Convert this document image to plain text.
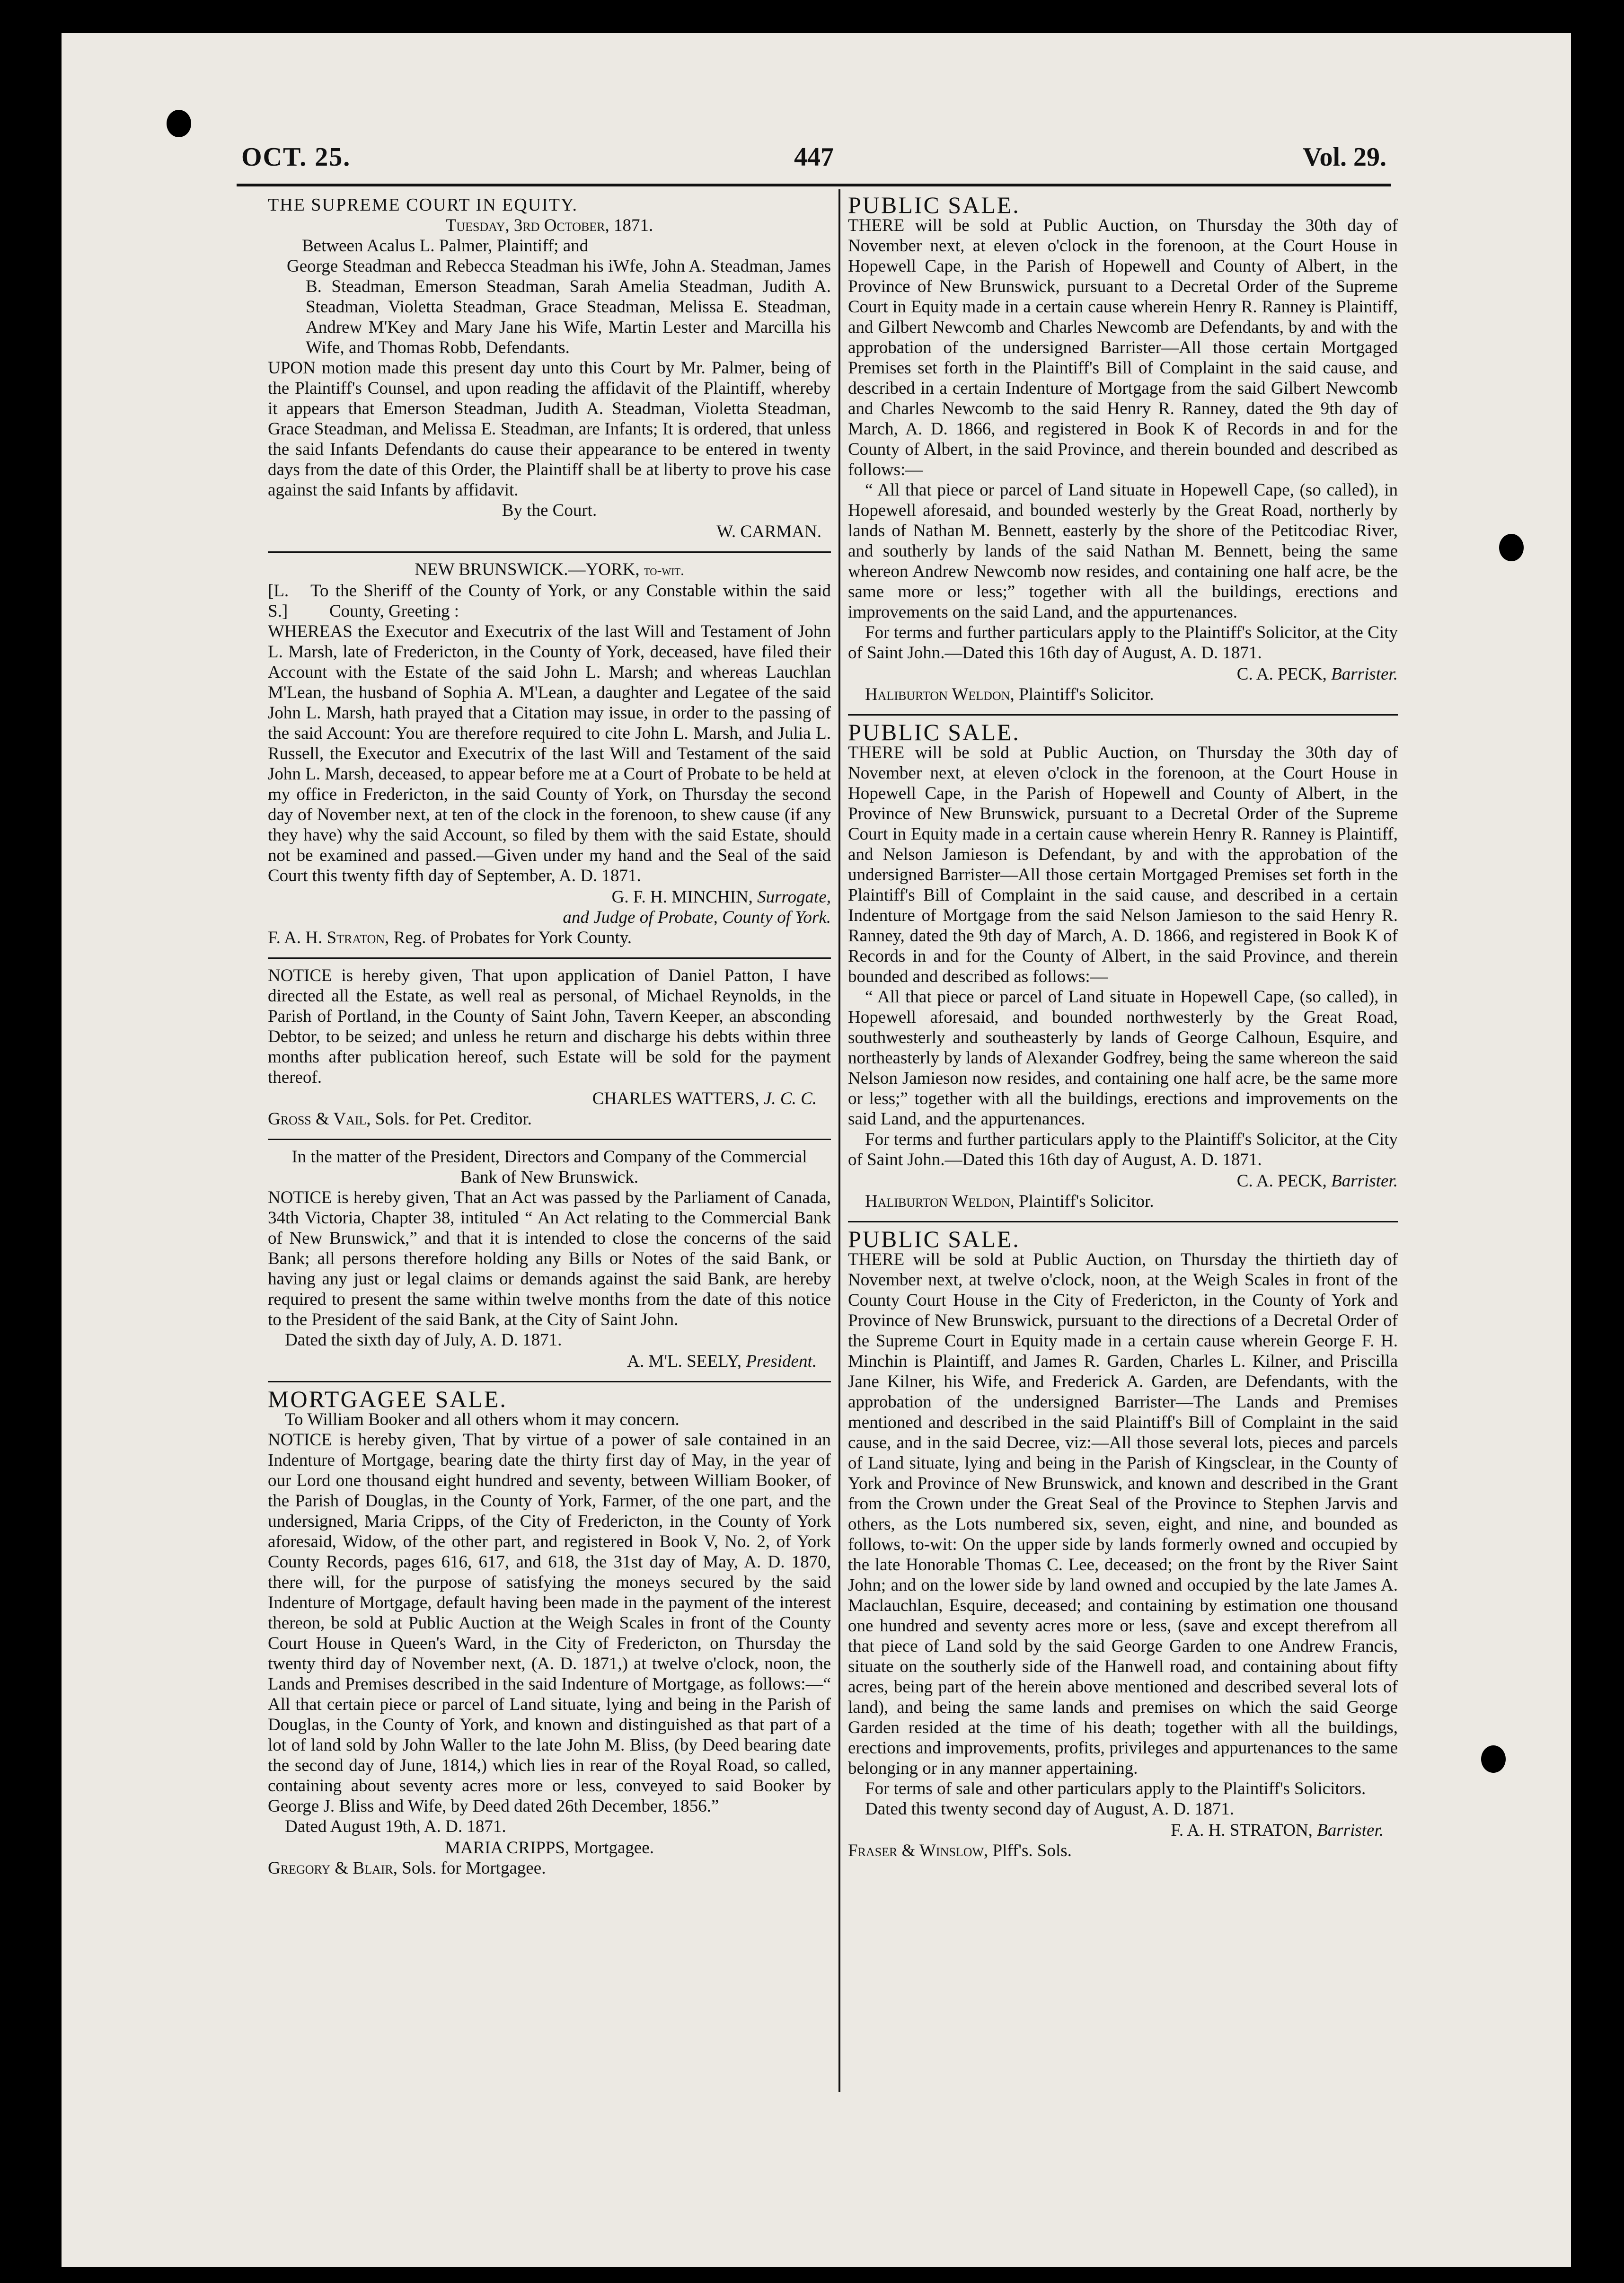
OCT. 25.	447	Vol. 29.

THE SUPREME COURT IN EQUITY.

Tuesday, 3rd October, 1871.

Between Acalus L. Palmer, Plaintiff; and

George Steadman and Rebecca Steadman his iWfe, John A. Steadman, James B. Steadman, Emerson Steadman, Sarah Amelia Steadman, Judith A. Steadman, Violetta Steadman, Grace Steadman, Melissa E. Steadman, Andrew M'Key and Mary Jane his Wife, Martin Lester and Marcilla his Wife, and Thomas Robb, Defendants.

UPON motion made this present day unto this Court by Mr. Palmer, being of the Plaintiff's Counsel, and upon reading the affidavit of the Plaintiff, whereby it appears that Emerson Steadman, Judith A. Steadman, Violetta Steadman, Grace Steadman, and Melissa E. Steadman, are Infants; It is ordered, that unless the said Infants Defendants do cause their appearance to be entered in twenty days from the date of this Order, the Plaintiff shall be at liberty to prove his case against the said Infants by affidavit.

By the Court.

W. CARMAN.

NEW BRUNSWICK.—YORK, to-wit.

[L. S.]
To the Sheriff of the County of York, or any Constable within the said County, Greeting :

WHEREAS the Executor and Executrix of the last Will and Testament of John L. Marsh, late of Fredericton, in the County of York, deceased, have filed their Account with the Estate of the said John L. Marsh; and whereas Lauchlan M'Lean, the husband of Sophia A. M'Lean, a daughter and Legatee of the said John L. Marsh, hath prayed that a Citation may issue, in order to the passing of the said Account: You are therefore required to cite John L. Marsh, and Julia L. Russell, the Executor and Executrix of the last Will and Testament of the said John L. Marsh, deceased, to appear before me at a Court of Probate to be held at my office in Fredericton, in the said County of York, on Thursday the second day of November next, at ten of the clock in the forenoon, to shew cause (if any they have) why the said Account, so filed by them with the said Estate, should not be examined and passed.—Given under my hand and the Seal of the said Court this twenty fifth day of September, A. D. 1871.

G. F. H. MINCHIN, Surrogate,

and Judge of Probate, County of York.

F. A. H. Straton, Reg. of Probates for York County.

NOTICE is hereby given, That upon application of Daniel Patton, I have directed all the Estate, as well real as personal, of Michael Reynolds, in the Parish of Portland, in the County of Saint John, Tavern Keeper, an absconding Debtor, to be seized; and unless he return and discharge his debts within three months after publication hereof, such Estate will be sold for the payment thereof.

CHARLES WATTERS, J. C. C.

Gross & Vail, Sols. for Pet. Creditor.

In the matter of the President, Directors and Company of the Commercial Bank of New Brunswick.

NOTICE is hereby given, That an Act was passed by the Parliament of Canada, 34th Victoria, Chapter 38, intituled “ An Act relating to the Commercial Bank of New Brunswick,” and that it is intended to close the concerns of the said Bank; all persons therefore holding any Bills or Notes of the said Bank, or having any just or legal claims or demands against the said Bank, are hereby required to present the same within twelve months from the date of this notice to the President of the said Bank, at the City of Saint John.

Dated the sixth day of July, A. D. 1871.

A. M'L. SEELY, President.

MORTGAGEE SALE.

To William Booker and all others whom it may concern.

NOTICE is hereby given, That by virtue of a power of sale contained in an Indenture of Mortgage, bearing date the thirty first day of May, in the year of our Lord one thousand eight hundred and seventy, between William Booker, of the Parish of Douglas, in the County of York, Farmer, of the one part, and the undersigned, Maria Cripps, of the City of Fredericton, in the County of York aforesaid, Widow, of the other part, and registered in Book V, No. 2, of York County Records, pages 616, 617, and 618, the 31st day of May, A. D. 1870, there will, for the purpose of satisfying the moneys secured by the said Indenture of Mortgage, default having been made in the payment of the interest thereon, be sold at Public Auction at the Weigh Scales in front of the County Court House in Queen's Ward, in the City of Fredericton, on Thursday the twenty third day of November next, (A. D. 1871,) at twelve o'clock, noon, the Lands and Premises described in the said Indenture of Mortgage, as follows:—“ All that certain piece or parcel of Land situate, lying and being in the Parish of Douglas, in the County of York, and known and distinguished as that part of a lot of land sold by John Waller to the late John M. Bliss, (by Deed bearing date the second day of June, 1814,) which lies in rear of the Royal Road, so called, containing about seventy acres more or less, conveyed to said Booker by George J. Bliss and Wife, by Deed dated 26th December, 1856.”

Dated August 19th, A. D. 1871.

MARIA CRIPPS, Mortgagee.

Gregory & Blair, Sols. for Mortgagee.

PUBLIC SALE.

THERE will be sold at Public Auction, on Thursday the 30th day of November next, at eleven o'clock in the forenoon, at the Court House in Hopewell Cape, in the Parish of Hopewell and County of Albert, in the Province of New Brunswick, pursuant to a Decretal Order of the Supreme Court in Equity made in a certain cause wherein Henry R. Ranney is Plaintiff, and Gilbert Newcomb and Charles Newcomb are Defendants, by and with the approbation of the undersigned Barrister—All those certain Mortgaged Premises set forth in the Plaintiff's Bill of Complaint in the said cause, and described in a certain Indenture of Mortgage from the said Gilbert Newcomb and Charles Newcomb to the said Henry R. Ranney, dated the 9th day of March, A. D. 1866, and registered in Book K of Records in and for the County of Albert, in the said Province, and therein bounded and described as follows:—

“ All that piece or parcel of Land situate in Hopewell Cape, (so called), in Hopewell aforesaid, and bounded westerly by the Great Road, northerly by lands of Nathan M. Bennett, easterly by the shore of the Petitcodiac River, and southerly by lands of the said Nathan M. Bennett, being the same whereon Andrew Newcomb now resides, and containing one half acre, be the same more or less;” together with all the buildings, erections and improvements on the said Land, and the appurtenances.

For terms and further particulars apply to the Plaintiff's Solicitor, at the City of Saint John.—Dated this 16th day of August, A. D. 1871.

C. A. PECK, Barrister.

Haliburton Weldon, Plaintiff's Solicitor.

PUBLIC SALE.

THERE will be sold at Public Auction, on Thursday the 30th day of November next, at eleven o'clock in the forenoon, at the Court House in Hopewell Cape, in the Parish of Hopewell and County of Albert, in the Province of New Brunswick, pursuant to a Decretal Order of the Supreme Court in Equity made in a certain cause wherein Henry R. Ranney is Plaintiff, and Nelson Jamieson is Defendant, by and with the approbation of the undersigned Barrister—All those certain Mortgaged Premises set forth in the Plaintiff's Bill of Complaint in the said cause, and described in a certain Indenture of Mortgage from the said Nelson Jamieson to the said Henry R. Ranney, dated the 9th day of March, A. D. 1866, and registered in Book K of Records in and for the County of Albert, in the said Province, and therein bounded and described as follows:—

“ All that piece or parcel of Land situate in Hopewell Cape, (so called), in Hopewell aforesaid, and bounded northwesterly by the Great Road, southwesterly and southeasterly by lands of George Calhoun, Esquire, and northeasterly by lands of Alexander Godfrey, being the same whereon the said Nelson Jamieson now resides, and containing one half acre, be the same more or less;” together with all the buildings, erections and improvements on the said Land, and the appurtenances.

For terms and further particulars apply to the Plaintiff's Solicitor, at the City of Saint John.—Dated this 16th day of August, A. D. 1871.

C. A. PECK, Barrister.

Haliburton Weldon, Plaintiff's Solicitor.

PUBLIC SALE.

THERE will be sold at Public Auction, on Thursday the thirtieth day of November next, at twelve o'clock, noon, at the Weigh Scales in front of the County Court House in the City of Fredericton, in the County of York and Province of New Brunswick, pursuant to the directions of a Decretal Order of the Supreme Court in Equity made in a certain cause wherein George F. H. Minchin is Plaintiff, and James R. Garden, Charles L. Kilner, and Priscilla Jane Kilner, his Wife, and Frederick A. Garden, are Defendants, with the approbation of the undersigned Barrister—The Lands and Premises mentioned and described in the said Plaintiff's Bill of Complaint in the said cause, and in the said Decree, viz:—All those several lots, pieces and parcels of Land situate, lying and being in the Parish of Kingsclear, in the County of York and Province of New Brunswick, and known and described in the Grant from the Crown under the Great Seal of the Province to Stephen Jarvis and others, as the Lots numbered six, seven, eight, and nine, and bounded as follows, to-wit: On the upper side by lands formerly owned and occupied by the late Honorable Thomas C. Lee, deceased; on the front by the River Saint John; and on the lower side by land owned and occupied by the late James A. Maclauchlan, Esquire, deceased; and containing by estimation one thousand one hundred and seventy acres more or less, (save and except therefrom all that piece of Land sold by the said George Garden to one Andrew Francis, situate on the southerly side of the Hanwell road, and containing about fifty acres, being part of the herein above mentioned and described several lots of land), and being the same lands and premises on which the said George Garden resided at the time of his death; together with all the buildings, erections and improvements, profits, privileges and appurtenances to the same belonging or in any manner appertaining.

For terms of sale and other particulars apply to the Plaintiff's Solicitors.

Dated this twenty second day of August, A. D. 1871.

F. A. H. STRATON, Barrister.

Fraser & Winslow, Plff's. Sols.
